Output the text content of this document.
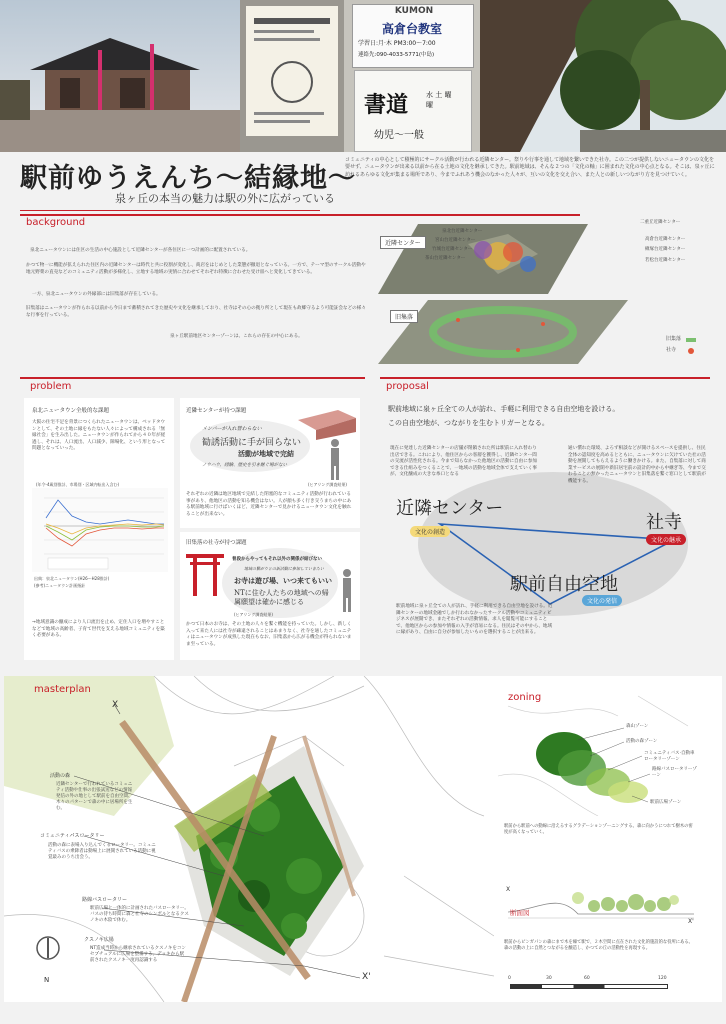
KUMON
高倉台教室
学習日:月·木 PM3:00〜7:00
連絡先:090-4033-5771(中島)
書道	水 土 曜 曜
幼児〜一般
駅前ゆうえんち〜結縁地〜
泉ヶ丘の本当の魅力は駅の外に広がっている
コミュニティの中心として積極的にサークル活動が行われる近隣センター。祭りや行事を通して地域を繋いできた社寺。この二つが提供しないニュータウンの文化を要せず、ニュータウンが出来る以前から在る土地の文化を継承してきた。駅前地域は、そんな２つの「文化の軸」に囲まれた文化の中心点となる。そこは、泉ヶ丘に訪れるあらゆる文化が集まる場所であり、今までふれあう機会のなかった人々が、互いの文化を交え合い、また人との新しいつながり方を見つけていく。
background
泉北ニュータウンには住区の生活の中心施設として近隣センターが各住区に一つ計画的に配置されている。
かつて物一に機能が拡えられた住区内の近隣センターは時代と共に役割が変化し、商店をはじめとした業態が撤退となっている。一方で、テーマ型のサークル活動や地元野菜の直売などのコミュニティ活動が多様化し、立地する地域の実情に合わせてそれぞれ特徴に合わせた受け皿へと変化してきている。
一方、泉北ニュータウンの外縁部には旧集落が存在している。
旧集落はニュータウンが作られる以前から今日まで蓄積されてきた歴史や文化を継承しており、社寺はその心の拠り所として現在も故郷守るよう可能証会などの様々な行事を行っている。
泉ヶ丘駅前地区センターゾーンは、これらの存在の中心にある。
近隣センター
二重丘近隣センター
泉北台近隣センター
宮山台近隣センター
竹城台近隣センター
茶山台近隣センター
高倉台近隣センター
槇塚台近隣センター
若松台近隣センター
旧集落
旧集落
社寺
problem
泉北ニュータウン全般的な課題
大阪の住宅不足を背景につくられたニュータウンは、ベッドタウンとして、その土地に縁をもたない人々によって構成される「無縁社会」を生み出した。ニュータウンが作られてから４０年が経過し、それは、人口流出、人口減少、隙場化、という形となって問題となっていった。
(年令-4歳別推計、市場別・区域内転出入含む)
出典：泉北ニュータウン(H26～H28推計)
(参考)ニュータウン計画指針
→地域意識の醸成により人口流出を止め、定住人口を増やすことなどで地域の高齢者、子育て世代を支える地域コミュニティを築く必要がある。
近隣センターが持つ課題
メンバーが入れ替わらない
勧誘活動に手が回らない
活動が地域で完結
ノウハウ、経験、歴史を引き継ぐ場がない
(ヒアリング調査結果)
それぞれの近隣は地区地域で完結した閉塞的なコミュニティ活動が行われている事があり、他地区の活動を知る機会はない。人が顔も多く行き交うまちの中にある駅前地域に行けばいくほど、近隣センターで見かけるニュータウン文化を触れることが出来ない。
旧集落の社寺が持つ課題
普段からやってもそれ以外の関係が結びない
地域の繋がりとの新活動に参加していきたい
お寺は遊び場、いつ来てもいい
NTに住む人たちの地域への帰属願望は確かに感じる
(ヒアリング調査結果)
かつて日本のお寺は、その土地の人々を繋ぐ機能を持っていた。しかし、新しく入って来た人には社寺が疎遠されることはあまりなく、社寺を通したコミュニティはニュータウンが成熟した現在もなお、旧集落から広がる機会が得られないまま至っている。
proposal
駅前地域に泉ヶ丘全ての人が訪れ、手軽に利用できる自由空地を設ける。
この自由空地が、つながりを生むトリガーとなる。
現在に発達した近隣センターの店舗が閉鎖された所は駅前に入れ替わり出店できる。これにより、他住区からの客層を獲得し、近隣センター間の交流が活性化される。今まで知らなかった他地区の活動に自由に参加できる仕組みをつくることで、一地域の活動を地域全体で支えていく事が、文化醸成の大きな糸口となる
通い慣れた環境、よろず相談などが開けるスペースを提供し、住民全体の認知度を高めるとともに、ニュータウンに欠けていた社の活動を展開してもらえるように働きかける。また、自集落に対して商業サービスの展開や新旧居宅前の設計的中から中継ぎ等、今まで交わることの無かったニュータウンと旧集落を繋ぐ窓口として駅前が機能する。
近隣センター
文化の創造	社寺
文化の継承
駅前自由空地
文化の発信
駅前地域に泉ヶ丘全ての人が訪れ、手軽に利用できる自由空地を設ける。近隣センターの地域金融でしか行われなかったサークル活動やコミュニティビジネスが展開でき、またそれぞれの活動情報、求人を閲覧可能にすることで、他地区からの参加や情報の入手が容易になる。住民はその中から、地域に縁があり、自由に自分が参加したいものを選択することが出来る。
masterplan
X
X'
N
活動の森
近隣センターで行われているコミュニティ活動や仕事の出張試送などの情報発信の外の地として駅前を自由空間、木々のパターンで森の中に居場所を生む。
コミュニティパスロータリー
活動の森に表場入り込んでくるロータリー。コミュニティバスの乗降者は動場上に展開されている活動に視覚最みのうち出会う。
路線バスロータリー
駅前広場と一体的に計画されたバスロータリー。バスの待ち時間に森と社寺のシンボルとなるクスノキの木陰で休む。
クスノキ広場
NT造成当時から継承されているクスノキをコンセプチュアルに広場を整備する。デッキから駅前されたクスノキ一度再認識する
zoning
森山ゾーン
活動の森ゾーン
コミュニティバス·自動車ロータリーゾーン
路線バスロータリーゾーン
駅前広場ゾーン
駅前から駅前への動線に沿えるするグラデーションゾーニングする。森に向かうにつれて樹木の密度が高くなっていく。
X
X'
断面図
駅前からピンガパンの森にまで木を繰て駅で、２木空間に点在された文化的施設的な役所にある。森の活動の上に自然とつながるを醸造し、かつての丘の活動性を再現する。
0	30	60	120
